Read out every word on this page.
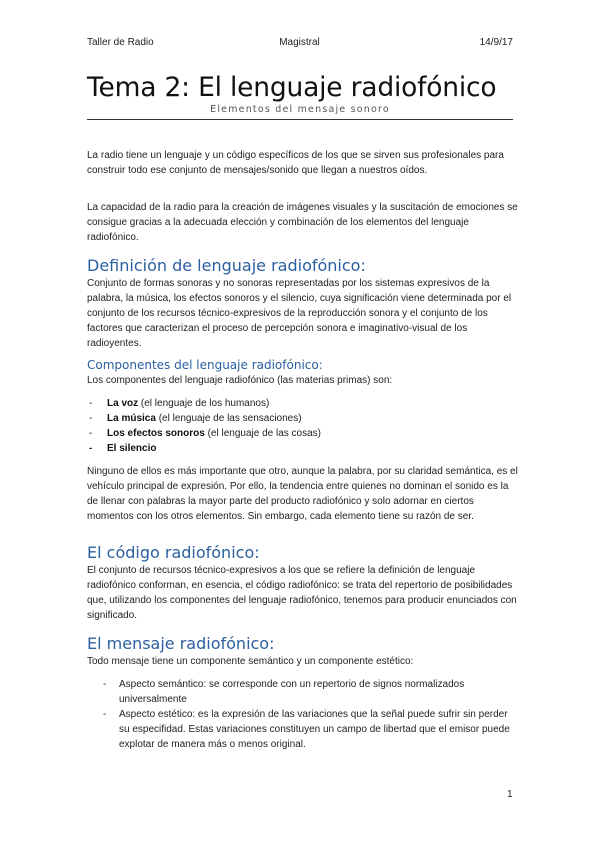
Taller de Radio	Magistral	14/9/17
Tema 2: El lenguaje radiofónico
Elementos del mensaje sonoro

La radio tiene un lenguaje y un código específicos de los que se sirven sus profesionales para construir todo ese conjunto de mensajes/sonido que llegan a nuestros oídos.

La capacidad de la radio para la creación de imágenes visuales y la suscitación de emociones se consigue gracias a la adecuada elección y combinación de los elementos del lenguaje radiofónico.

Definición de lenguaje radiofónico:

Conjunto de formas sonoras y no sonoras representadas por los sistemas expresivos de la palabra, la música, los efectos sonoros y el silencio, cuya significación viene determinada por el conjunto de los recursos técnico-expresivos de la reproducción sonora y el conjunto de los factores que caracterizan el proceso de percepción sonora e imaginativo-visual de los radioyentes.

Componentes del lenguaje radiofónico:

Los componentes del lenguaje radiofónico (las materias primas) son:

- La voz (el lenguaje de los humanos)
- La música (el lenguaje de las sensaciones)
- Los efectos sonoros (el lenguaje de las cosas)
- El silencio

Ninguno de ellos es más importante que otro, aunque la palabra, por su claridad semántica, es el vehículo principal de expresión. Por ello, la tendencia entre quienes no dominan el sonido es la de llenar con palabras la mayor parte del producto radiofónico y solo adornar en ciertos momentos con los otros elementos. Sin embargo, cada elemento tiene su razón de ser.

El código radiofónico:

El conjunto de recursos técnico-expresivos a los que se refiere la definición de lenguaje radiofónico conforman, en esencia, el código radiofónico: se trata del repertorio de posibilidades que, utilizando los componentes del lenguaje radiofónico, tenemos para producir enunciados con significado.

El mensaje radiofónico:

Todo mensaje tiene un componente semántico y un componente estético:

- Aspecto semántico: se corresponde con un repertorio de signos normalizados universalmente
- Aspecto estético: es la expresión de las variaciones que la señal puede sufrir sin perder su especifidad. Estas variaciones constituyen un campo de libertad que el emisor puede explotar de manera más o menos original.
1
